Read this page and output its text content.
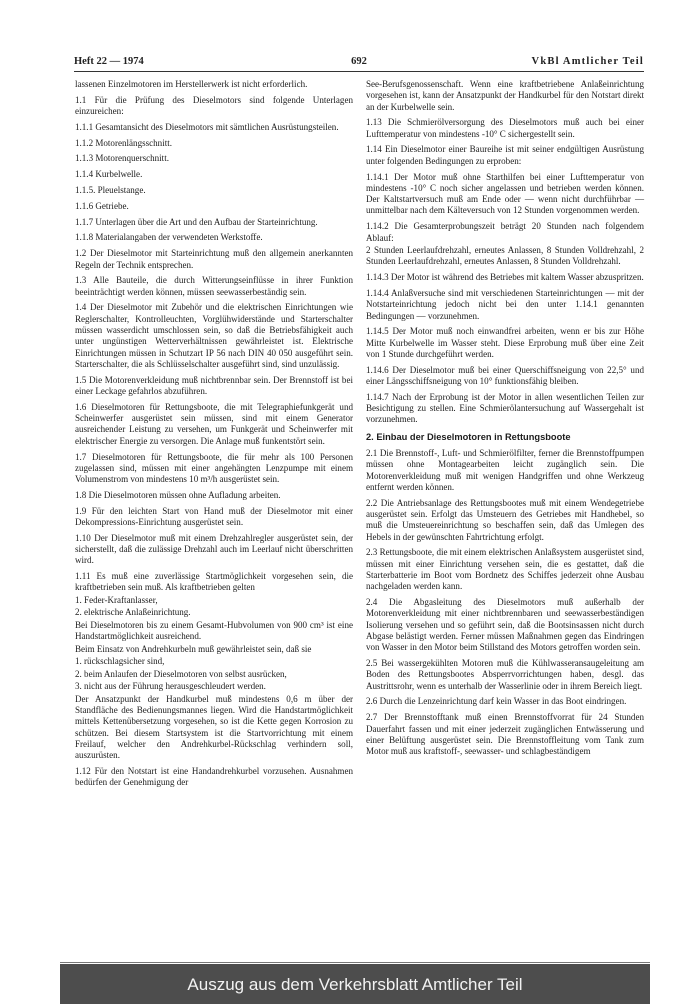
Heft 22 — 1974	692	VkBl Amtlicher Teil

lassenen Einzelmotoren im Herstellerwerk ist nicht erforderlich.

1.1 Für die Prüfung des Dieselmotors sind folgende Unterlagen einzureichen:

1.1.1 Gesamtansicht des Dieselmotors mit sämtlichen Ausrüstungsteilen.

1.1.2 Motorenlängsschnitt.

1.1.3 Motorenquerschnitt.

1.1.4 Kurbelwelle.

1.1.5. Pleuelstange.

1.1.6 Getriebe.

1.1.7 Unterlagen über die Art und den Aufbau der Starteinrichtung.

1.1.8 Materialangaben der verwendeten Werkstoffe.

1.2 Der Dieselmotor mit Starteinrichtung muß den allgemein anerkannten Regeln der Technik entsprechen.

1.3 Alle Bauteile, die durch Witterungseinflüsse in ihrer Funktion beeinträchtigt werden können, müssen seewasserbeständig sein.

1.4 Der Dieselmotor mit Zubehör und die elektrischen Einrichtungen wie Reglerschalter, Kontrolleuchten, Vorglühwiderstände und Starterschalter müssen wasserdicht umschlossen sein, so daß die Betriebsfähigkeit auch unter ungünstigen Wetterverhältnissen gewährleistet ist. Elektrische Einrichtungen müssen in Schutzart IP 56 nach DIN 40 050 ausgeführt sein. Starterschalter, die als Schlüsselschalter ausgeführt sind, sind unzulässig.

1.5 Die Motorenverkleidung muß nichtbrennbar sein. Der Brennstoff ist bei einer Leckage gefahrlos abzuführen.

1.6 Dieselmotoren für Rettungsboote, die mit Telegraphiefunkgerät und Scheinwerfer ausgerüstet sein müssen, sind mit einem Generator ausreichender Leistung zu versehen, um Funkgerät und Scheinwerfer mit elektrischer Energie zu versorgen. Die Anlage muß funkentstört sein.

1.7 Dieselmotoren für Rettungsboote, die für mehr als 100 Personen zugelassen sind, müssen mit einer angehängten Lenzpumpe mit einem Volumenstrom von mindestens 10 m³/h ausgerüstet sein.

1.8 Die Dieselmotoren müssen ohne Aufladung arbeiten.

1.9 Für den leichten Start von Hand muß der Dieselmotor mit einer Dekompressions-Einrichtung ausgerüstet sein.

1.10 Der Dieselmotor muß mit einem Drehzahlregler ausgerüstet sein, der sicherstellt, daß die zulässige Drehzahl auch im Leerlauf nicht überschritten wird.

1.11 Es muß eine zuverlässige Startmöglichkeit vorgesehen sein, die kraftbetrieben sein muß. Als kraftbetrieben gelten

1. Feder-Kraftanlasser,

2. elektrische Anlaßeinrichtung.

Bei Dieselmotoren bis zu einem Gesamt-Hubvolumen von 900 cm³ ist eine Handstartmöglichkeit ausreichend.

Beim Einsatz von Andrehkurbeln muß gewährleistet sein, daß sie

1. rückschlagsicher sind,

2. beim Anlaufen der Dieselmotoren von selbst ausrücken,

3. nicht aus der Führung herausgeschleudert werden.

Der Ansatzpunkt der Handkurbel muß mindestens 0,6 m über der Standfläche des Bedienungsmannes liegen. Wird die Handstartmöglichkeit mittels Kettenübersetzung vorgesehen, so ist die Kette gegen Korrosion zu schützen. Bei diesem Startsystem ist die Startvorrichtung mit einem Freilauf, welcher den Andrehkurbel-Rückschlag verhindern soll, auszurüsten.

1.12 Für den Notstart ist eine Handandrehkurbel vorzusehen. Ausnahmen bedürfen der Genehmigung der

See-Berufsgenossenschaft. Wenn eine kraftbetriebene Anlaßeinrichtung vorgesehen ist, kann der Ansatzpunkt der Handkurbel für den Notstart direkt an der Kurbelwelle sein.

1.13 Die Schmierölversorgung des Dieselmotors muß auch bei einer Lufttemperatur von mindestens -10° C sichergestellt sein.

1.14 Ein Dieselmotor einer Baureihe ist mit seiner endgültigen Ausrüstung unter folgenden Bedingungen zu erproben:

1.14.1 Der Motor muß ohne Starthilfen bei einer Lufttemperatur von mindestens -10° C noch sicher angelassen und betrieben werden können. Der Kaltstartversuch muß am Ende oder — wenn nicht durchführbar — unmittelbar nach dem Kälteversuch von 12 Stunden vorgenommen werden.

1.14.2 Die Gesamterprobungszeit beträgt 20 Stunden nach folgendem Ablauf:

2 Stunden Leerlaufdrehzahl, erneutes Anlassen, 8 Stunden Volldrehzahl, 2 Stunden Leerlaufdrehzahl, erneutes Anlassen, 8 Stunden Volldrehzahl.

1.14.3 Der Motor ist während des Betriebes mit kaltem Wasser abzuspritzen.

1.14.4 Anlaßversuche sind mit verschiedenen Starteinrichtungen — mit der Notstarteinrichtung jedoch nicht bei den unter 1.14.1 genannten Bedingungen — vorzunehmen.

1.14.5 Der Motor muß noch einwandfrei arbeiten, wenn er bis zur Höhe Mitte Kurbelwelle im Wasser steht. Diese Erprobung muß über eine Zeit von 1 Stunde durchgeführt werden.

1.14.6 Der Dieselmotor muß bei einer Querschiffsneigung von 22,5° und einer Längsschiffsneigung von 10° funktionsfähig bleiben.

1.14.7 Nach der Erprobung ist der Motor in allen wesentlichen Teilen zur Besichtigung zu stellen. Eine Schmierölantersuchung auf Wassergehalt ist vorzunehmen.

2. Einbau der Dieselmotoren in Rettungsboote

2.1 Die Brennstoff-, Luft- und Schmierölfilter, ferner die Brennstoffpumpen müssen ohne Montagearbeiten leicht zugänglich sein. Die Motorenverkleidung muß mit wenigen Handgriffen und ohne Werkzeug entfernt werden können.

2.2 Die Antriebsanlage des Rettungsbootes muß mit einem Wendegetriebe ausgerüstet sein. Erfolgt das Umsteuern des Getriebes mit Handhebel, so muß die Umsteuereinrichtung so beschaffen sein, daß das Umlegen des Hebels in der gewünschten Fahrtrichtung erfolgt.

2.3 Rettungsboote, die mit einem elektrischen Anlaßsystem ausgerüstet sind, müssen mit einer Einrichtung versehen sein, die es gestattet, daß die Starterbatterie im Boot vom Bordnetz des Schiffes jederzeit ohne Ausbau nachgeladen werden kann.

2.4 Die Abgasleitung des Dieselmotors muß außerhalb der Motorenverkleidung mit einer nichtbrennbaren und seewasserbeständigen Isolierung versehen und so geführt sein, daß die Bootsinsassen nicht durch Abgase belästigt werden. Ferner müssen Maßnahmen gegen das Eindringen von Wasser in den Motor beim Stillstand des Motors getroffen worden sein.

2.5 Bei wassergekühlten Motoren muß die Kühlwasseransaugeleitung am Boden des Rettungsbootes Absperrvorrichtungen haben, desgl. das Austrittsrohr, wenn es unterhalb der Wasserlinie oder in ihrem Bereich liegt.

2.6 Durch die Lenzeinrichtung darf kein Wasser in das Boot eindringen.

2.7 Der Brennstofftank muß einen Brennstoffvorrat für 24 Stunden Dauerfahrt fassen und mit einer jederzeit zugänglichen Entwässerung und einer Belüftung ausgerüstet sein. Die Brennstoffleitung vom Tank zum Motor muß aus kraftstoff-, seewasser- und schlagbeständigem

Auszug aus dem Verkehrsblatt Amtlicher Teil
